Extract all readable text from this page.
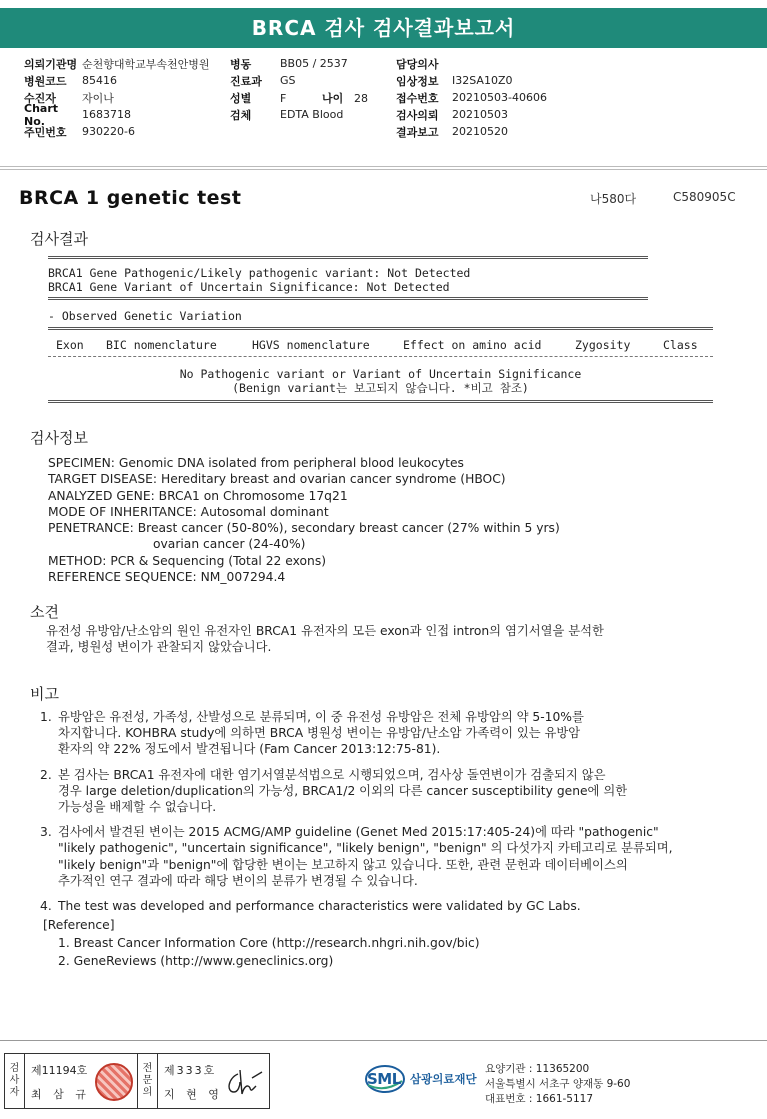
BRCA 검사 검사결과보고서
의뢰기관명 순천향대학교부속천안병원	병동	BB05 / 2537	담당의사
병원코드	85416	진료과	GS	임상정보	I32SA10Z0
수진자	자이나	성별	F	나이 28	접수번호	20210503-40606
Chart No.	1683718	검체	EDTA Blood	검사의뢰	20210503
주민번호	930220-6	결과보고	20210520
BRCA 1 genetic test	나580다	C580905C
검사결과
BRCA1 Gene Pathogenic/Likely pathogenic variant: Not Detected
BRCA1 Gene Variant of Uncertain Significance: Not Detected
- Observed Genetic Variation
Exon	BIC nomenclature	HGVS nomenclature	Effect on amino acid	Zygosity	Class
No Pathogenic variant or Variant of Uncertain Significance
(Benign variant는 보고되지 않습니다. *비고 참조)
검사정보
SPECIMEN: Genomic DNA isolated from peripheral blood leukocytes
TARGET DISEASE: Hereditary breast and ovarian cancer syndrome (HBOC)
ANALYZED GENE: BRCA1 on Chromosome 17q21
MODE OF INHERITANCE: Autosomal dominant
PENETRANCE: Breast cancer (50-80%), secondary breast cancer (27% within 5 yrs)
ovarian cancer (24-40%)
METHOD: PCR & Sequencing (Total 22 exons)
REFERENCE SEQUENCE: NM_007294.4
소견
유전성 유방암/난소암의 원인 유전자인 BRCA1 유전자의 모든 exon과 인접 intron의 염기서열을 분석한
결과, 병원성 변이가 관찰되지 않았습니다.
비고
1. 유방암은 유전성, 가족성, 산발성으로 분류되며, 이 중 유전성 유방암은 전체 유방암의 약 5-10%를
차지합니다. KOHBRA study에 의하면 BRCA 병원성 변이는 유방암/난소암 가족력이 있는 유방암
환자의 약 22% 정도에서 발견됩니다 (Fam Cancer 2013:12:75-81).
2. 본 검사는 BRCA1 유전자에 대한 염기서열분석법으로 시행되었으며, 검사상 돌연변이가 검출되지 않은
경우 large deletion/duplication의 가능성, BRCA1/2 이외의 다른 cancer susceptibility gene에 의한
가능성을 배제할 수 없습니다.
3. 검사에서 발견된 변이는 2015 ACMG/AMP guideline (Genet Med 2015:17:405-24)에 따라 "pathogenic"
"likely pathogenic", "uncertain significance", "likely benign", "benign" 의 다섯가지 카테고리로 분류되며,
"likely benign"과 "benign"에 합당한 변이는 보고하지 않고 있습니다. 또한, 관련 문헌과 데이터베이스의
추가적인 연구 결과에 따라 해당 변이의 분류가 변경될 수 있습니다.
4. The test was developed and performance characteristics were validated by GC Labs.
[Reference]
1. Breast Cancer Information Core (http://research.nhgri.nih.gov/bic)
2. GeneReviews (http://www.geneclinics.org)
검
사
자
제11194호
최 삼 규
전
문
의
제333호
지 현 영
SML 삼광의료재단
요양기관 : 11365200
서울특별시 서초구 양재동 9-60
대표번호 : 1661-5117
